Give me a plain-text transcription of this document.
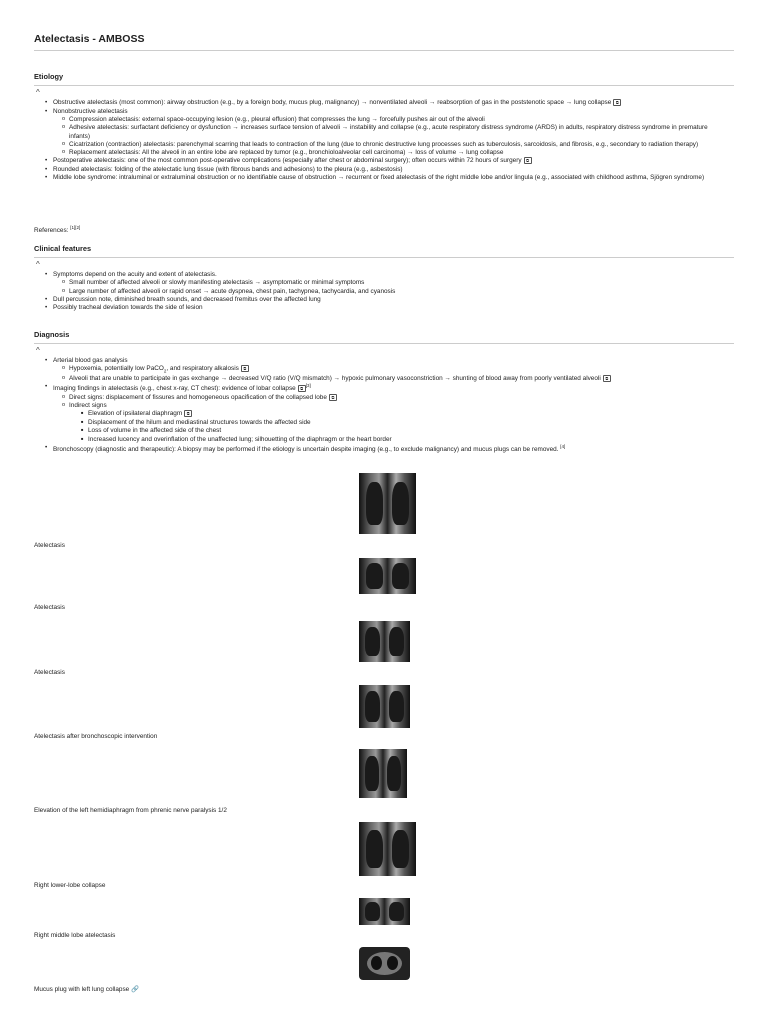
Atelectasis - AMBOSS
Etiology
^
• Obstructive atelectasis (most common): airway obstruction (e.g., by a foreign body, mucus plug, malignancy) → nonventilated alveoli → reabsorption of gas in the poststenotic space → lung collapse ⧉
• Nonobstructive atelectasis
o Compression atelectasis: external space-occupying lesion (e.g., pleural effusion) that compresses the lung → forcefully pushes air out of the alveoli
o Adhesive atelectasis: surfactant deficiency or dysfunction → increases surface tension of alveoli → instability and collapse (e.g., acute respiratory distress syndrome (ARDS) in adults, respiratory distress syndrome in premature infants)
o Cicatrization (contraction) atelectasis: parenchymal scarring that leads to contraction of the lung (due to chronic destructive lung processes such as tuberculosis, sarcoidosis, and fibrosis, e.g., secondary to radiation therapy)
o Replacement atelectasis: All the alveoli in an entire lobe are replaced by tumor (e.g., bronchioloalveolar cell carcinoma) → loss of volume → lung collapse
• Postoperative atelectasis: one of the most common post-operative complications (especially after chest or abdominal surgery); often occurs within 72 hours of surgery ⧉
• Rounded atelectasis: folding of the atelectatic lung tissue (with fibrous bands and adhesions) to the pleura (e.g., asbestosis)
• Middle lobe syndrome: intraluminal or extraluminal obstruction or no identifiable cause of obstruction → recurrent or fixed atelectasis of the right middle lobe and/or lingula (e.g., associated with childhood asthma, Sjögren syndrome)
References: [1][2]
Clinical features
^
• Symptoms depend on the acuity and extent of atelectasis.
o Small number of affected alveoli or slowly manifesting atelectasis → asymptomatic or minimal symptoms
o Large number of affected alveoli or rapid onset → acute dyspnea, chest pain, tachypnea, tachycardia, and cyanosis
• Dull percussion note, diminished breath sounds, and decreased fremitus over the affected lung
• Possibly tracheal deviation towards the side of lesion
Diagnosis
^
• Arterial blood gas analysis
o Hypoxemia, potentially low PaCO$_2$, and respiratory alkalosis ⧉
o Alveoli that are unable to participate in gas exchange → decreased V/Q ratio (V/Q mismatch) → hypoxic pulmonary vasoconstriction → shunting of blood away from poorly ventilated alveoli ⧉
• Imaging findings in atelectasis (e.g., chest x-ray, CT chest): evidence of lobar collapse ⧉[3]
o Direct signs: displacement of fissures and homogeneous opacification of the collapsed lobe ⧉
o Indirect signs
■ Elevation of ipsilateral diaphragm ⧉
■ Displacement of the hilum and mediastinal structures towards the affected side
■ Loss of volume in the affected side of the chest
■ Increased lucency and overinflation of the unaffected lung; silhouetting of the diaphragm or the heart border
• Bronchoscopy (diagnostic and therapeutic): A biopsy may be performed if the etiology is uncertain despite imaging (e.g., to exclude malignancy) and mucus plugs can be removed. [4]
Atelectasis
Atelectasis
Atelectasis
Atelectasis after bronchoscopic intervention
Elevation of the left hemidiaphragm from phrenic nerve paralysis 1/2
Right lower-lobe collapse
Right middle lobe atelectasis
Mucus plug with left lung collapse 🔗
